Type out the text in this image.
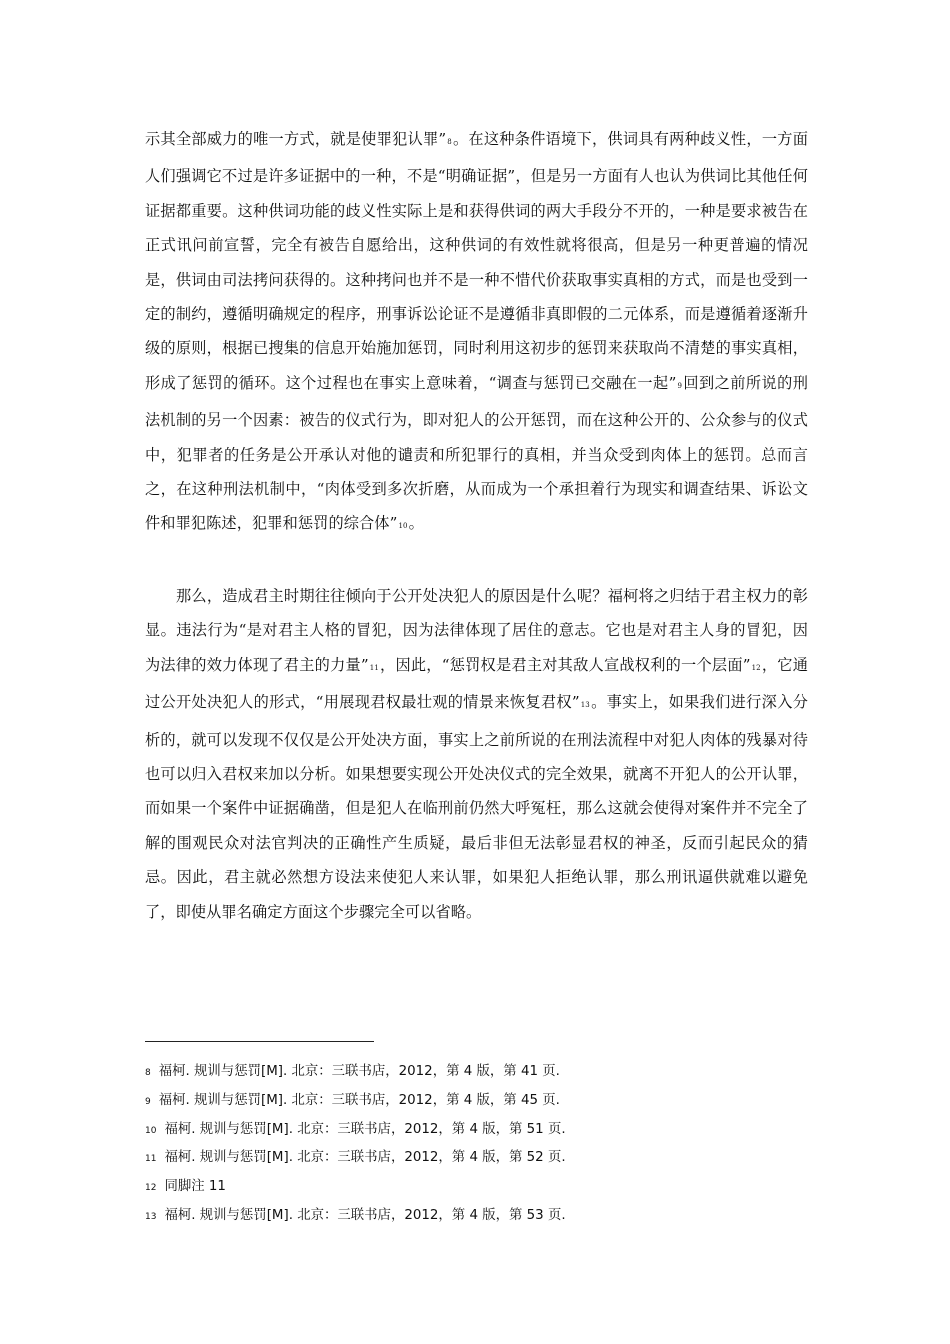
示其全部威力的唯一方式，就是使罪犯认罪”8。在这种条件语境下，供词具有两种歧义性，一方面人们强调它不过是许多证据中的一种，不是“明确证据”，但是另一方面有人也认为供词比其他任何证据都重要。这种供词功能的歧义性实际上是和获得供词的两大手段分不开的，一种是要求被告在正式讯问前宣誓，完全有被告自愿给出，这种供词的有效性就将很高，但是另一种更普遍的情况是，供词由司法拷问获得的。这种拷问也并不是一种不惜代价获取事实真相的方式，而是也受到一定的制约，遵循明确规定的程序，刑事诉讼论证不是遵循非真即假的二元体系，而是遵循着逐渐升级的原则，根据已搜集的信息开始施加惩罚，同时利用这初步的惩罚来获取尚不清楚的事实真相，形成了惩罚的循环。这个过程也在事实上意味着，“调查与惩罚已交融在一起”9回到之前所说的刑法机制的另一个因素：被告的仪式行为，即对犯人的公开惩罚，而在这种公开的、公众参与的仪式中，犯罪者的任务是公开承认对他的谴责和所犯罪行的真相，并当众受到肉体上的惩罚。总而言之，在这种刑法机制中，“肉体受到多次折磨，从而成为一个承担着行为现实和调查结果、诉讼文件和罪犯陈述，犯罪和惩罚的综合体”10。

那么，造成君主时期往往倾向于公开处决犯人的原因是什么呢？福柯将之归结于君主权力的彰显。违法行为“是对君主人格的冒犯，因为法律体现了居住的意志。它也是对君主人身的冒犯，因为法律的效力体现了君主的力量”11，因此，“惩罚权是君主对其敌人宣战权利的一个层面”12，它通过公开处决犯人的形式，“用展现君权最壮观的情景来恢复君权”13。事实上，如果我们进行深入分析的，就可以发现不仅仅是公开处决方面，事实上之前所说的在刑法流程中对犯人肉体的残暴对待也可以归入君权来加以分析。如果想要实现公开处决仪式的完全效果，就离不开犯人的公开认罪，而如果一个案件中证据确凿，但是犯人在临刑前仍然大呼冤枉，那么这就会使得对案件并不完全了解的围观民众对法官判决的正确性产生质疑，最后非但无法彰显君权的神圣，反而引起民众的猜忌。因此，君主就必然想方设法来使犯人来认罪，如果犯人拒绝认罪，那么刑讯逼供就难以避免了，即使从罪名确定方面这个步骤完全可以省略。

8 福柯. 规训与惩罚[M]. 北京：三联书店，2012，第 4 版，第 41 页.
9 福柯. 规训与惩罚[M]. 北京：三联书店，2012，第 4 版，第 45 页.
10 福柯. 规训与惩罚[M]. 北京：三联书店，2012，第 4 版，第 51 页.
11 福柯. 规训与惩罚[M]. 北京：三联书店，2012，第 4 版，第 52 页.
12 同脚注 11
13 福柯. 规训与惩罚[M]. 北京：三联书店，2012，第 4 版，第 53 页.
